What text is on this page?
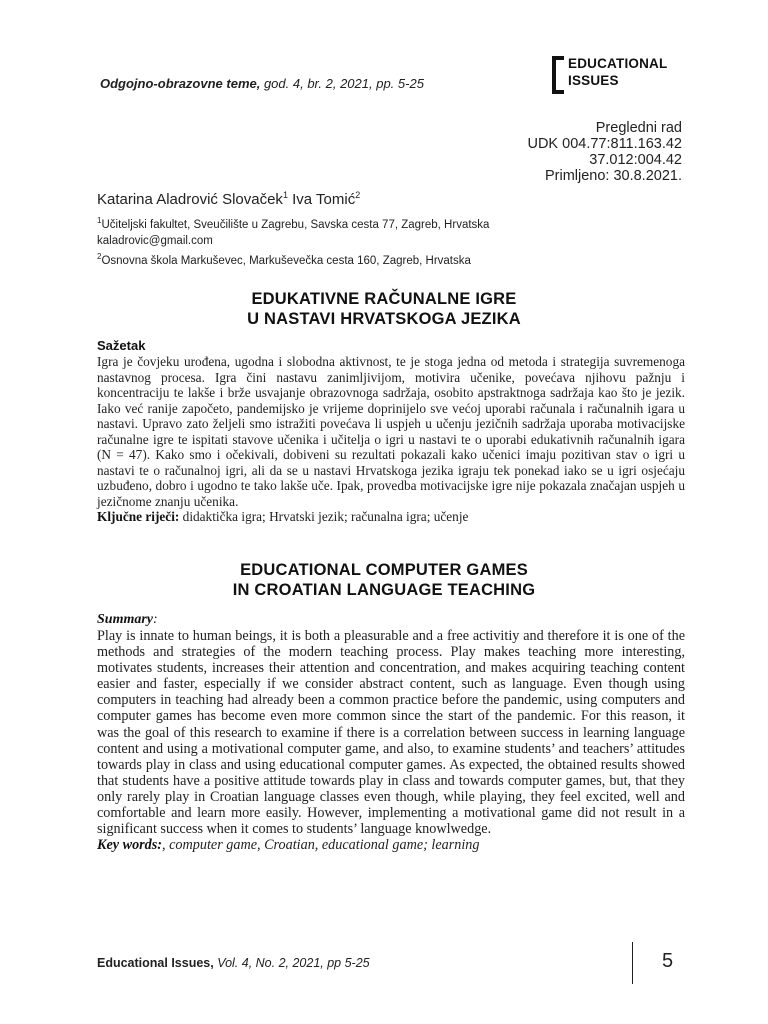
Odgojno-obrazovne teme, god. 4, br. 2, 2021, pp. 5-25
EDUCATIONAL
ISSUES
Pregledni rad
UDK 004.77:811.163.42
37.012:004.42
Primljeno: 30.8.2021.
Katarina Aladrović Slovaček$^1$ Iva Tomić$^2$
$^1$Učiteljski fakultet, Sveučilište u Zagrebu, Savska cesta 77, Zagreb, Hrvatska
kaladrovic@gmail.com
$^2$Osnovna škola Markuševec, Markuševečka cesta 160, Zagreb, Hrvatska
EDUKATIVNE RAČUNALNE IGRE
U NASTAVI HRVATSKOGA JEZIKA
Sažetak

Igra je čovjeku urođena, ugodna i slobodna aktivnost, te je stoga jedna od metoda i strategija suvremenoga nastavnog procesa. Igra čini nastavu zanimljivijom, motivira učenike, povećava njihovu pažnju i koncentraciju te lakše i brže usvajanje obrazovnoga sadržaja, osobito apstraktnoga sadržaja kao što je jezik. Iako već ranije započeto, pandemijsko je vrijeme doprinijelo sve većoj uporabi računala i računalnih igara u nastavi. Upravo zato željeli smo istražiti povećava li uspjeh u učenju jezičnih sadržaja uporaba motivacijske računalne igre te ispitati stavove učenika i učitelja o igri u nastavi te o uporabi edukativnih računalnih igara (N = 47). Kako smo i očekivali, dobiveni su rezultati pokazali kako učenici imaju pozitivan stav o igri u nastavi te o računalnoj igri, ali da se u nastavi Hrvatskoga jezika igraju tek ponekad iako se u igri osjećaju uzbuđeno, dobro i ugodno te tako lakše uče. Ipak, provedba motivacijske igre nije pokazala značajan uspjeh u jezičnome znanju učenika.

Ključne riječi: didaktička igra; Hrvatski jezik; računalna igra; učenje
EDUCATIONAL COMPUTER GAMES
IN CROATIAN LANGUAGE TEACHING
Summary:

Play is innate to human beings, it is both a pleasurable and a free activitiy and therefore it is one of the methods and strategies of the modern teaching process. Play makes teaching more interesting, motivates students, increases their attention and concentration, and makes acquiring teaching content easier and faster, especially if we consider abstract content, such as language. Even though using computers in teaching had already been a common practice before the pandemic, using computers and computer games has become even more common since the start of the pandemic. For this reason, it was the goal of this research to examine if there is a correlation between success in learning language content and using a motivational computer game, and also, to examine students’ and teachers’ attitudes towards play in class and using educational computer games. As expected, the obtained results showed that students have a positive attitude towards play in class and towards computer games, but, that they only rarely play in Croatian language classes even though, while playing, they feel excited, well and comfortable and learn more easily. However, implementing a motivational game did not result in a significant success when it comes to students’ language knowlwedge.

Key words:, computer game, Croatian, educational game; learning
Educational Issues, Vol. 4, No. 2, 2021, pp 5-25	5
